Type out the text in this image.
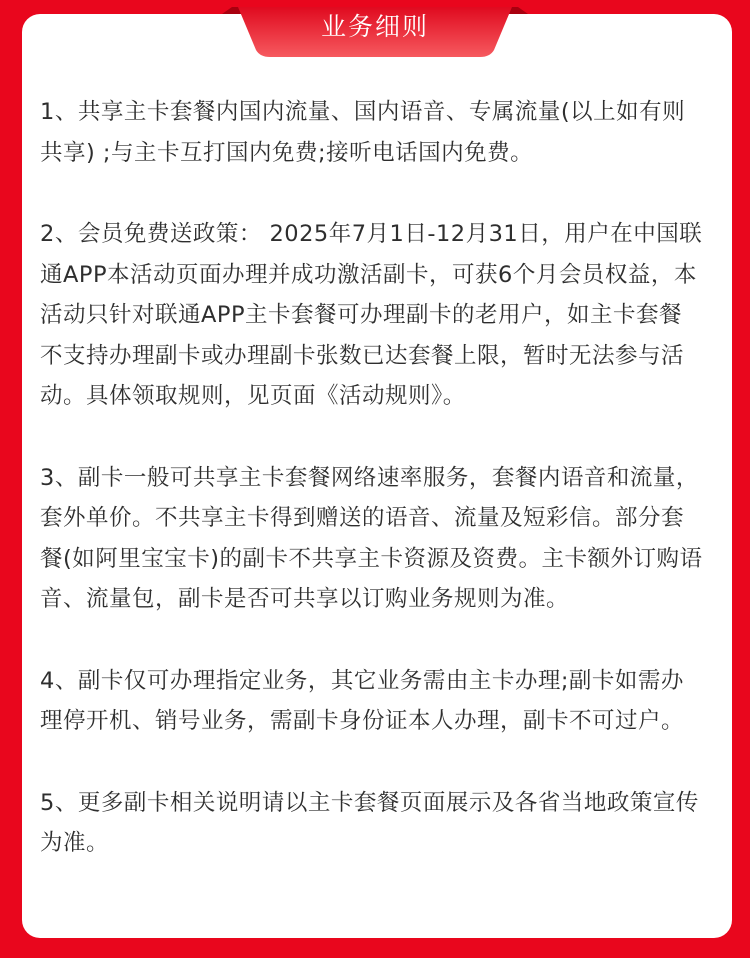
业务细则
1、共享主卡套餐内国内流量、国内语音、专属流量(以上如有则
共享) ;与主卡互打国内免费;接听电话国内免费。
2、会员免费送政策： 2025年7月1日-12月31日，用户在中国联
通APP本活动页面办理并成功激活副卡，可获6个月会员权益，本
活动只针对联通APP主卡套餐可办理副卡的老用户，如主卡套餐
不支持办理副卡或办理副卡张数已达套餐上限，暂时无法参与活
动。具体领取规则，见页面《活动规则》。
3、副卡一般可共享主卡套餐网络速率服务，套餐内语音和流量，
套外单价。不共享主卡得到赠送的语音、流量及短彩信。部分套
餐(如阿里宝宝卡)的副卡不共享主卡资源及资费。主卡额外订购语
音、流量包，副卡是否可共享以订购业务规则为准。
4、副卡仅可办理指定业务，其它业务需由主卡办理;副卡如需办
理停开机、销号业务，需副卡身份证本人办理，副卡不可过户。
5、更多副卡相关说明请以主卡套餐页面展示及各省当地政策宣传
为准。
